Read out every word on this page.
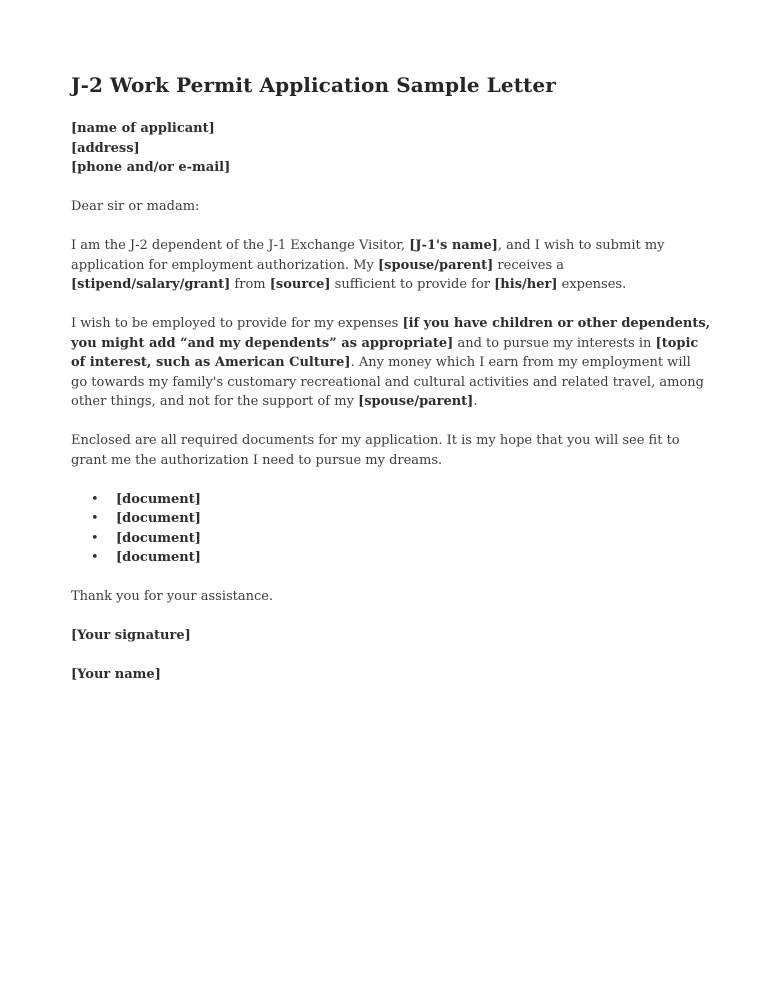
J-2 Work Permit Application Sample Letter

[name of applicant]
[address]
[phone and/or e-mail]

Dear sir or madam:

I am the J-2 dependent of the J-1 Exchange Visitor, [J-1's name], and I wish to submit my application for employment authorization. My [spouse/parent] receives a [stipend/salary/grant] from [source] sufficient to provide for [his/her] expenses.

I wish to be employed to provide for my expenses [if you have children or other dependents, you might add “and my dependents” as appropriate] and to pursue my interests in [topic of interest, such as American Culture]. Any money which I earn from my employment will go towards my family's customary recreational and cultural activities and related travel, among other things, and not for the support of my [spouse/parent].

Enclosed are all required documents for my application. It is my hope that you will see fit to grant me the authorization I need to pursue my dreams.

• [document]
• [document]
• [document]
• [document]

Thank you for your assistance.

[Your signature]

[Your name]
